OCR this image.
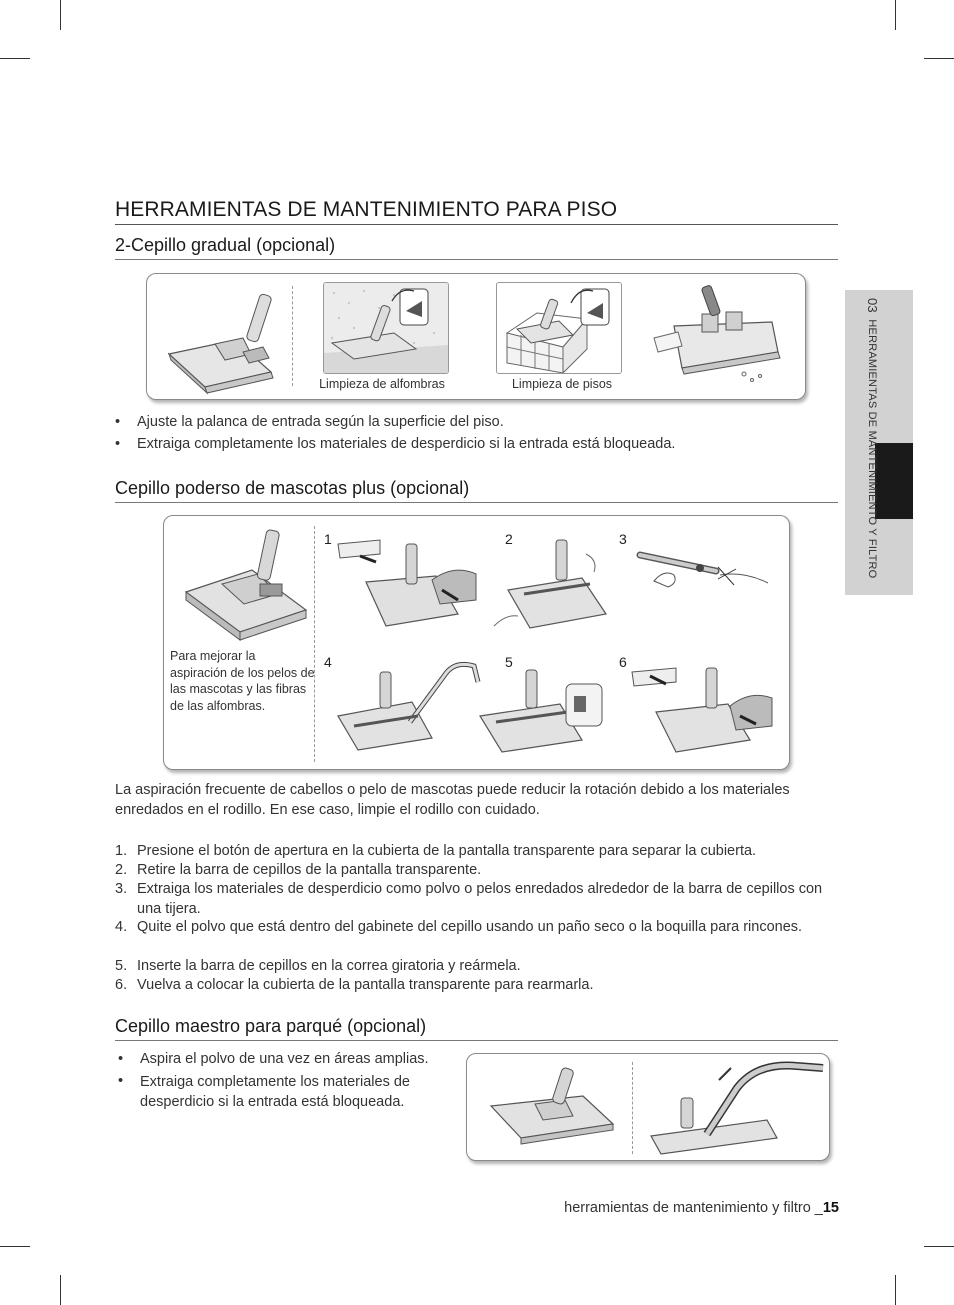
03  HERRAMIENTAS DE MANTENIMIENTO Y FILTRO
HERRAMIENTAS DE MANTENIMIENTO PARA PISO
2-Cepillo gradual (opcional)
Limpieza de alfombras	Limpieza de pisos
• Ajuste la palanca de entrada según la superficie del piso.
• Extraiga completamente los materiales de desperdicio si la entrada está bloqueada.
Cepillo poderso de mascotas plus (opcional)
Para mejorar la aspiración de los pelos de las mascotas y las fibras de las alfombras.
1	2	3
4	5	6
La aspiración frecuente de cabellos o pelo de mascotas puede reducir la rotación debido a los materiales enredados en el rodillo. En ese caso, limpie el rodillo con cuidado.
1. Presione el botón de apertura en la cubierta de la pantalla transparente para separar la cubierta.
2. Retire la barra de cepillos de la pantalla transparente.
3. Extraiga los materiales de desperdicio como polvo o pelos enredados alrededor de la barra de cepillos con una tijera.
4. Quite el polvo que está dentro del gabinete del cepillo usando un paño seco o la boquilla para rincones.
5. Inserte la barra de cepillos en la correa giratoria y reármela.
6. Vuelva a colocar la cubierta de la pantalla transparente para rearmarla.
Cepillo maestro para parqué (opcional)
• Aspira el polvo de una vez en áreas amplias.
• Extraiga completamente los materiales de
desperdicio si la entrada está bloqueada.
herramientas de mantenimiento y filtro _15
